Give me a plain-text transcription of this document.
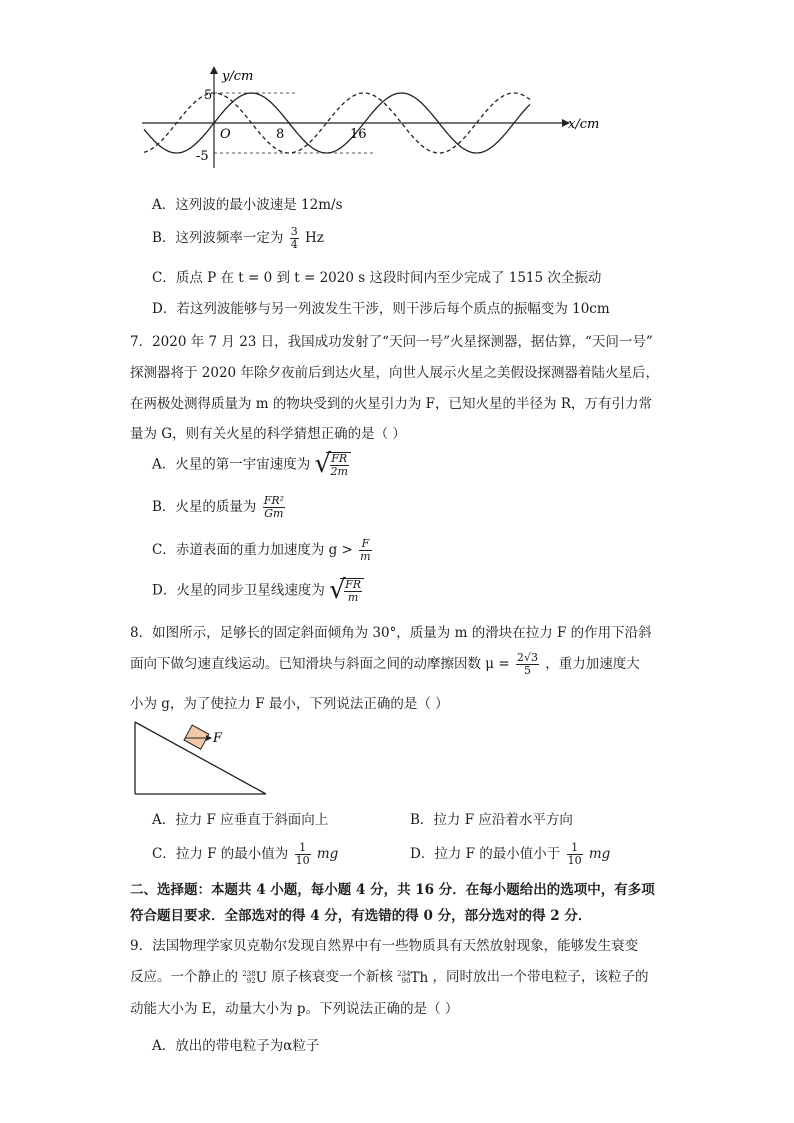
y/cm
x/cm
O
5
-5
8	16
A．这列波的最小波速是 12m/s
B．这列波频率一定为 $\frac{3}{4}$ Hz
C．质点 P 在 t = 0 到 t = 2020 s 这段时间内至少完成了 1515 次全振动
D．若这列波能够与另一列波发生干涉，则干涉后每个质点的振幅变为 10cm
7．2020 年 7 月 23 日，我国成功发射了“天问一号”火星探测器，据估算，“天问一号”
探测器将于 2020 年除夕夜前后到达火星，向世人展示火星之美假设探测器着陆火星后，
在两极处测得质量为 m 的物块受到的火星引力为 F，已知火星的半径为 R，万有引力常
量为 G，则有关火星的科学猜想正确的是（ ）
A．火星的第一宇宙速度为 √
$\frac{FR}{2m}$
B．火星的质量为 $\frac{\text{FR²}}{Gm}$
C．赤道表面的重力加速度为 $g > \frac{F}{m}$
D．火星的同步卫星线速度为 √
$\frac{FR}{m}$
8．如图所示，足够长的固定斜面倾角为 30°，质量为 m 的滑块在拉力 F 的作用下沿斜
面向下做匀速直线运动。已知滑块与斜面之间的动摩擦因数 $\mu = \frac{2√3}{5}$ ，重力加速度大
小为 g，为了使拉力 F 最小，下列说法正确的是（ ）
F
A．拉力 F 应垂直于斜面向上	B．拉力 F 应沿着水平方向
C．拉力 F 的最小值为 $\frac{1}{10}$ mg	D．拉力 F 的最小值小于 $\frac{1}{10}$ mg
二、选择题：本题共 4 小题，每小题 4 分，共 16 分．在每小题给出的选项中，有多项
符合题目要求．全部选对的得 4 分，有选错的得 0 分，部分选对的得 2 分．
9．法国物理学家贝克勒尔发现自然界中有一些物质具有天然放射现象，能够发生衰变
反应。一个静止的 238
92 U 原子核衰变一个新核 234
90 Th ，同时放出一个带电粒子，该粒子的
动能大小为 E，动量大小为 p。下列说法正确的是（ ）
A．放出的带电粒子为α粒子
